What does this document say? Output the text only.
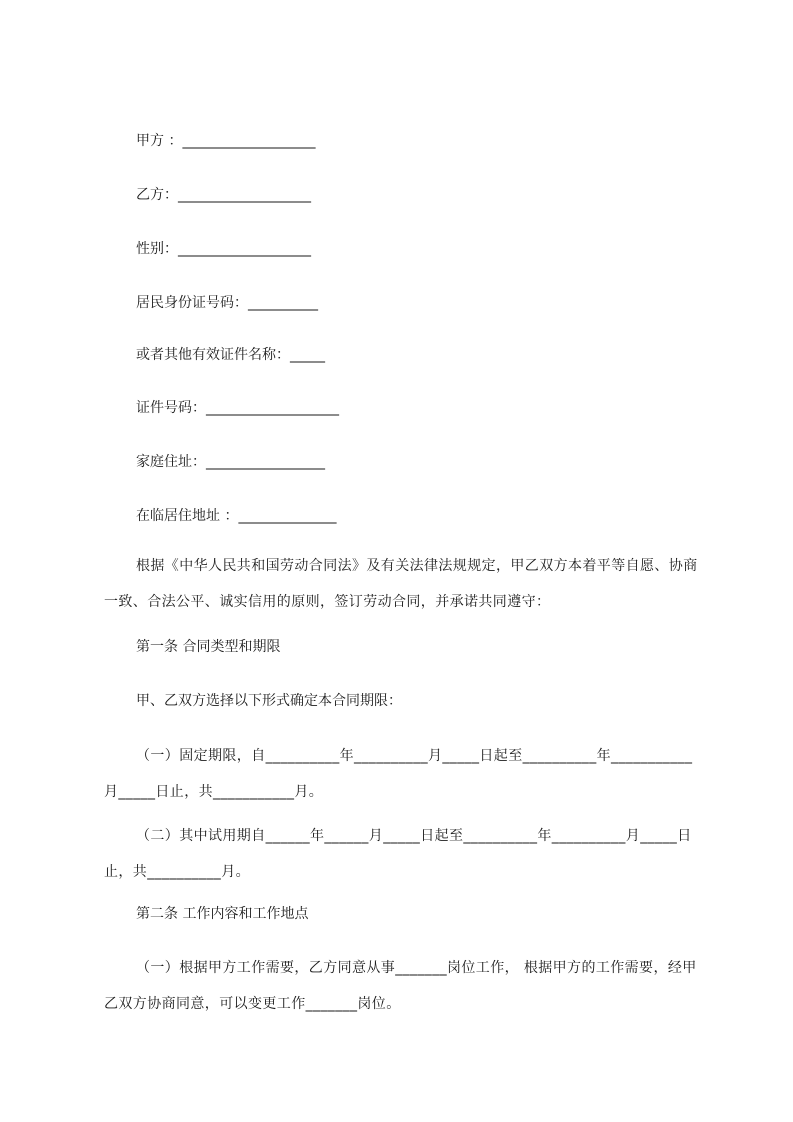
甲方 ：___________________
乙方：___________________
性别：___________________
居民身份证号码：__________
或者其他有效证件名称：_____
证件号码：___________________
家庭住址：_________________
在临居住地址 ：______________
根据《中华人民共和国劳动合同法》及有关法律法规规定，甲乙双方本着平等自愿、协商一致、合法公平、诚实信用的原则，签订劳动合同，并承诺共同遵守：
第一条 合同类型和期限
甲、乙双方选择以下形式确定本合同期限：
（一）固定期限，自__________年__________月_____日起至__________年___________月_____日止，共___________月。
（二）其中试用期自______年______月_____日起至__________年__________月_____日止，共__________月。
第二条 工作内容和工作地点
（一）根据甲方工作需要，乙方同意从事_______岗位工作， 根据甲方的工作需要，经甲乙双方协商同意，可以变更工作_______岗位。
